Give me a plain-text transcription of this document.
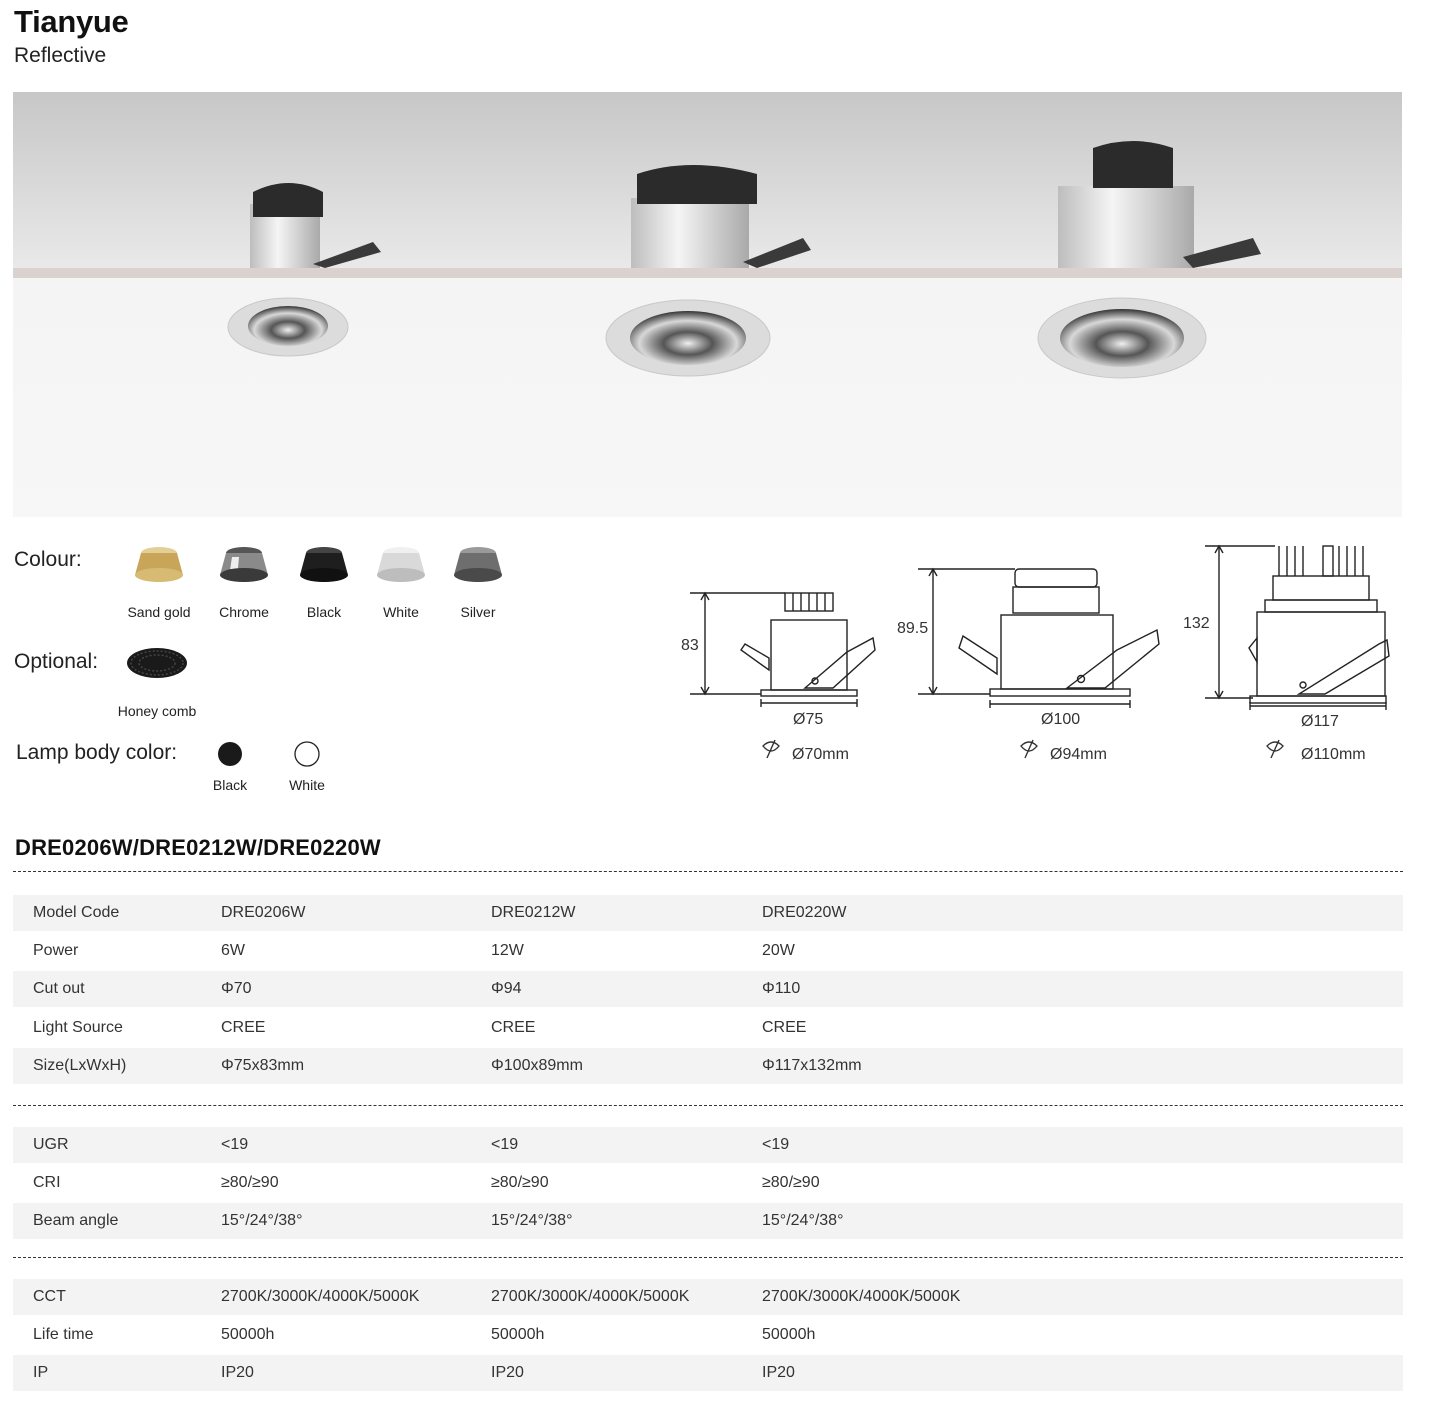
Tianyue
Reflective
Colour:
Sand gold	Chrome	Black	White	Silver
Optional:
Honey comb
Lamp body color:
Black	White
83
Ø75
Ø70mm
89.5
Ø100
Ø94mm
132
Ø117
Ø110mm
DRE0206W/DRE0212W/DRE0220W
Model Code	DRE0206W	DRE0212W	DRE0220W
Power	6W	12W	20W
Cut out	Φ70	Φ94	Φ110
Light Source	CREE	CREE	CREE
Size(LxWxH)	Φ75x83mm	Φ100x89mm	Φ117x132mm
UGR	<19	<19	<19
CRI	≥80/≥90	≥80/≥90	≥80/≥90
Beam angle	15°/24°/38°	15°/24°/38°	15°/24°/38°
CCT	2700K/3000K/4000K/5000K	2700K/3000K/4000K/5000K	2700K/3000K/4000K/5000K
Life time	50000h	50000h	50000h
IP	IP20	IP20	IP20
